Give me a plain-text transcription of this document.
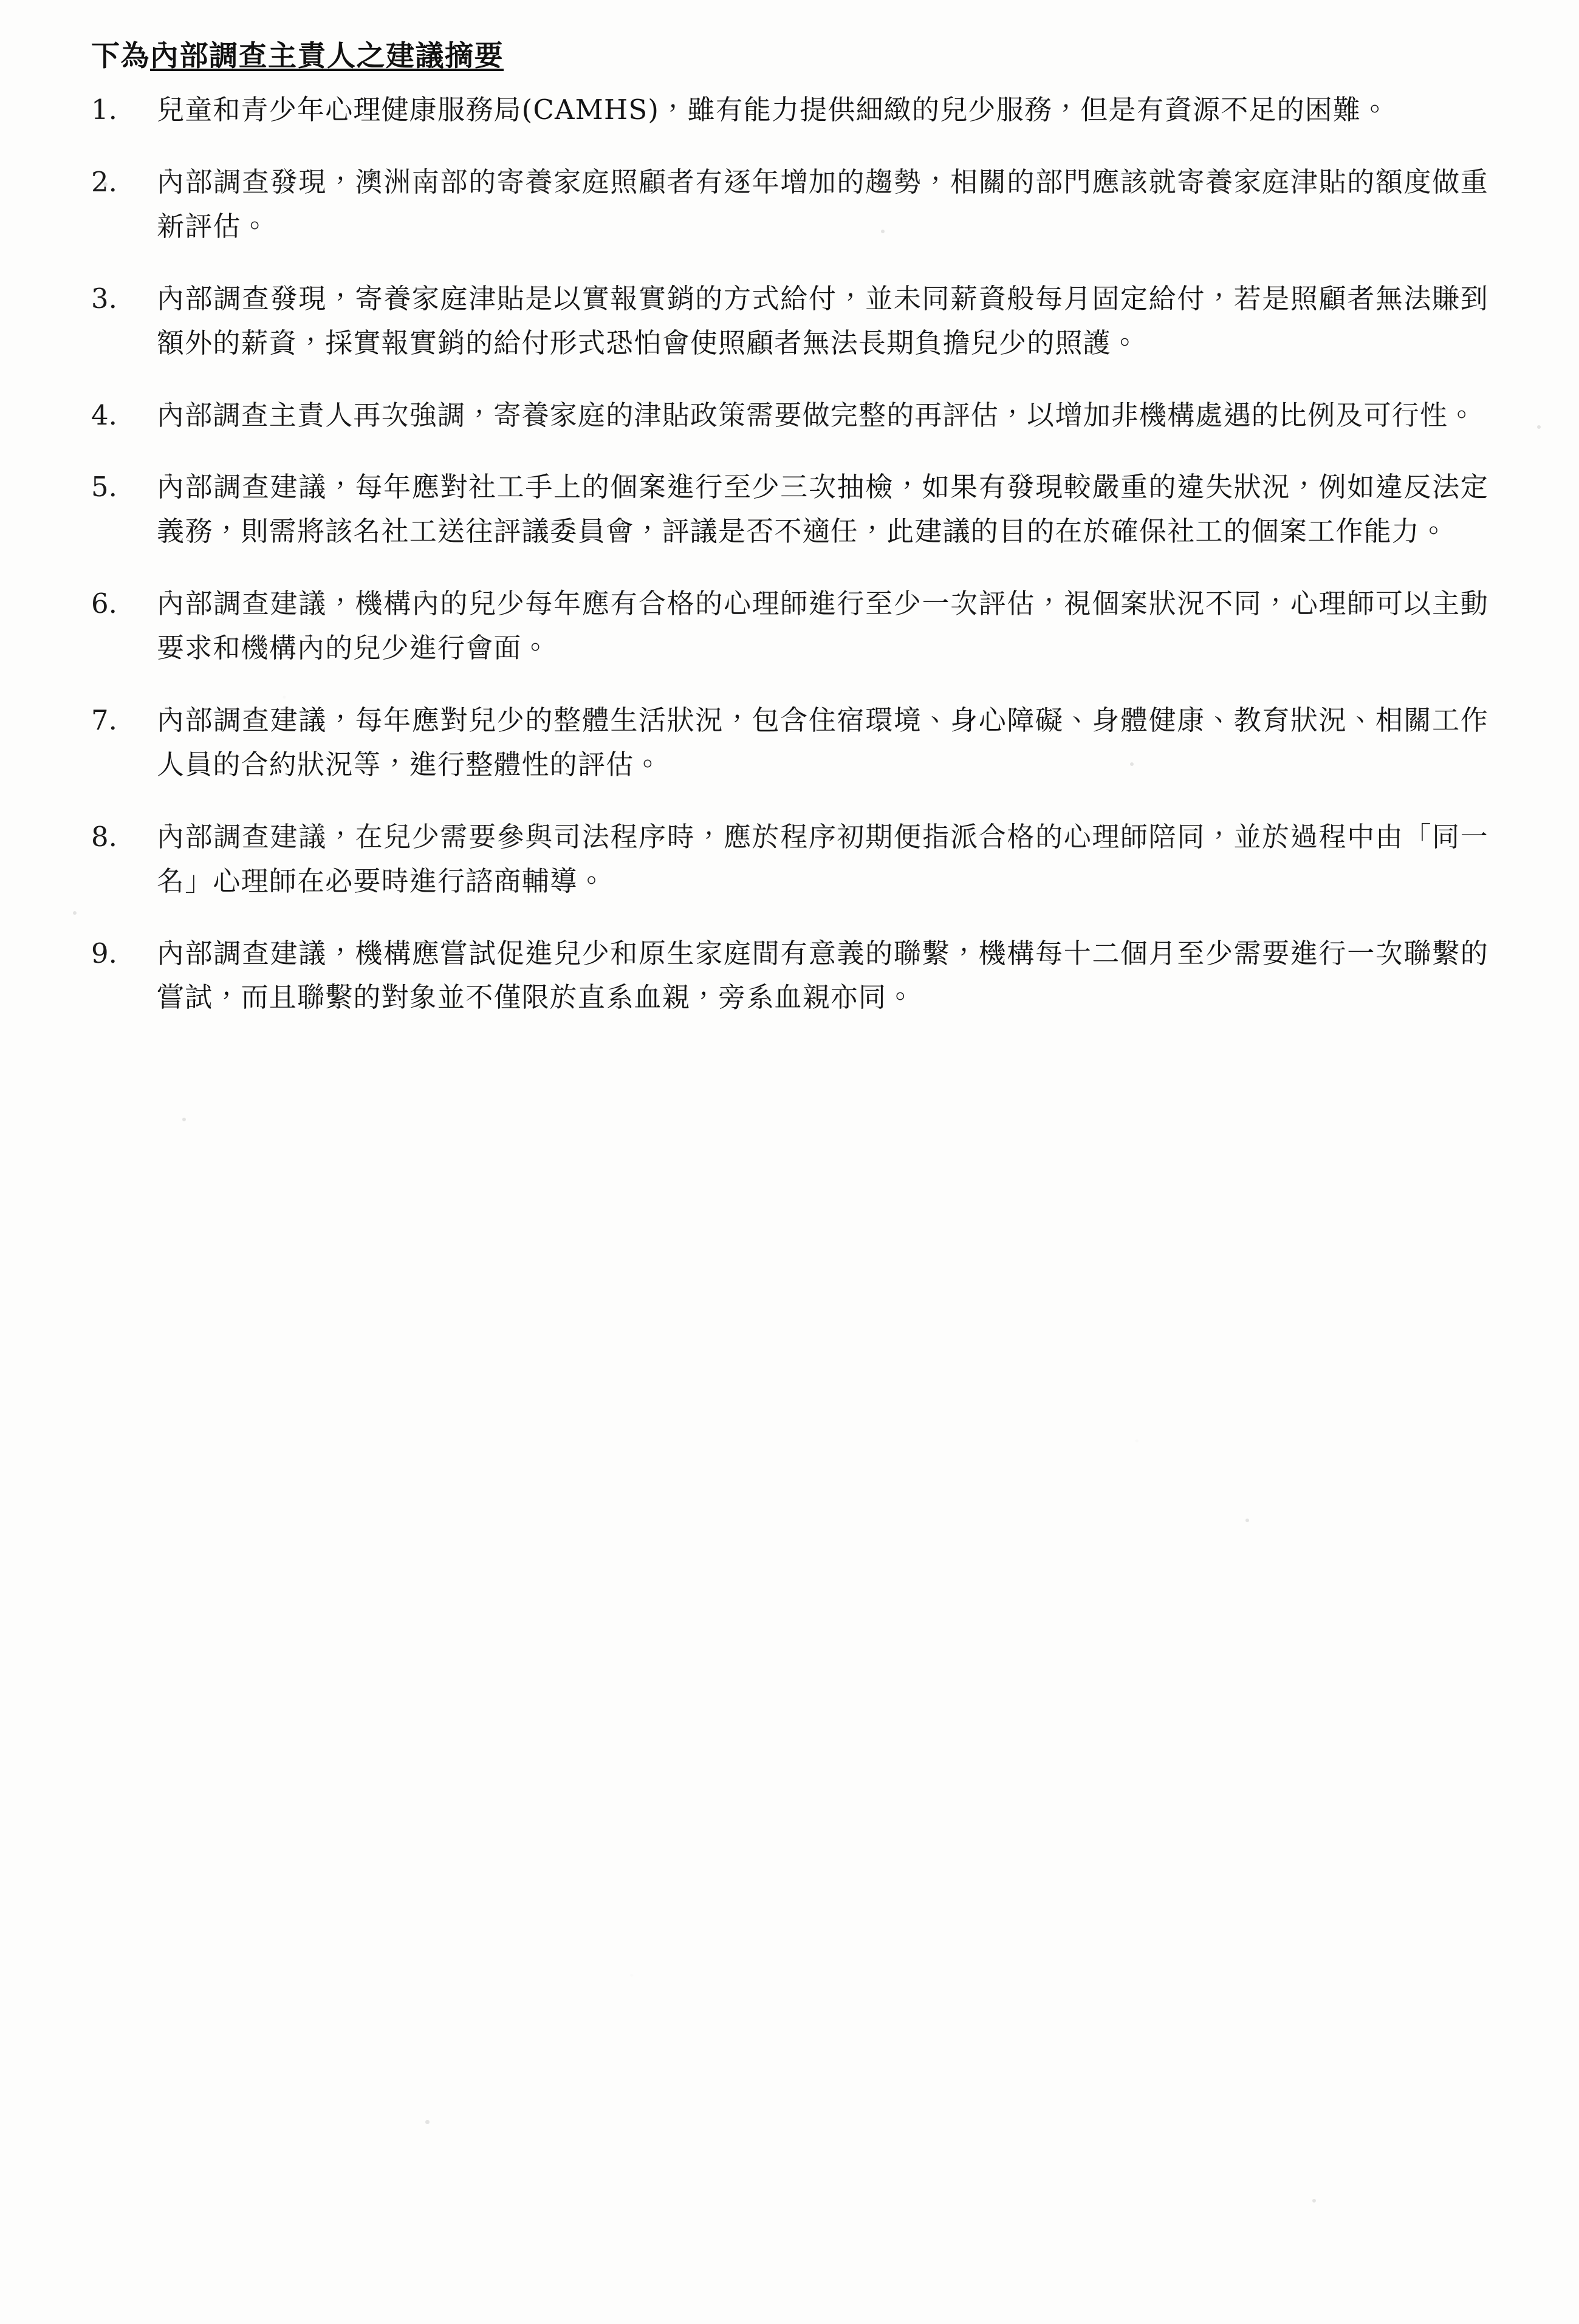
下為內部調查主責人之建議摘要
1.	兒童和青少年心理健康服務局(CAMHS)，雖有能力提供細緻的兒少服務，但是有資源不足的困難。
2.	內部調查發現，澳洲南部的寄養家庭照顧者有逐年增加的趨勢，相關的部門應該就寄養家庭津貼的額度做重新評估。
3.	內部調查發現，寄養家庭津貼是以實報實銷的方式給付，並未同薪資般每月固定給付，若是照顧者無法賺到額外的薪資，採實報實銷的給付形式恐怕會使照顧者無法長期負擔兒少的照護。
4.	內部調查主責人再次強調，寄養家庭的津貼政策需要做完整的再評估，以增加非機構處遇的比例及可行性。
5.	內部調查建議，每年應對社工手上的個案進行至少三次抽檢，如果有發現較嚴重的違失狀況，例如違反法定義務，則需將該名社工送往評議委員會，評議是否不適任，此建議的目的在於確保社工的個案工作能力。
6.	內部調查建議，機構內的兒少每年應有合格的心理師進行至少一次評估，視個案狀況不同，心理師可以主動要求和機構內的兒少進行會面。
7.	內部調查建議，每年應對兒少的整體生活狀況，包含住宿環境、身心障礙、身體健康、教育狀況、相關工作人員的合約狀況等，進行整體性的評估。
8.	內部調查建議，在兒少需要參與司法程序時，應於程序初期便指派合格的心理師陪同，並於過程中由「同一名」心理師在必要時進行諮商輔導。
9.	內部調查建議，機構應嘗試促進兒少和原生家庭間有意義的聯繫，機構每十二個月至少需要進行一次聯繫的嘗試，而且聯繫的對象並不僅限於直系血親，旁系血親亦同。
